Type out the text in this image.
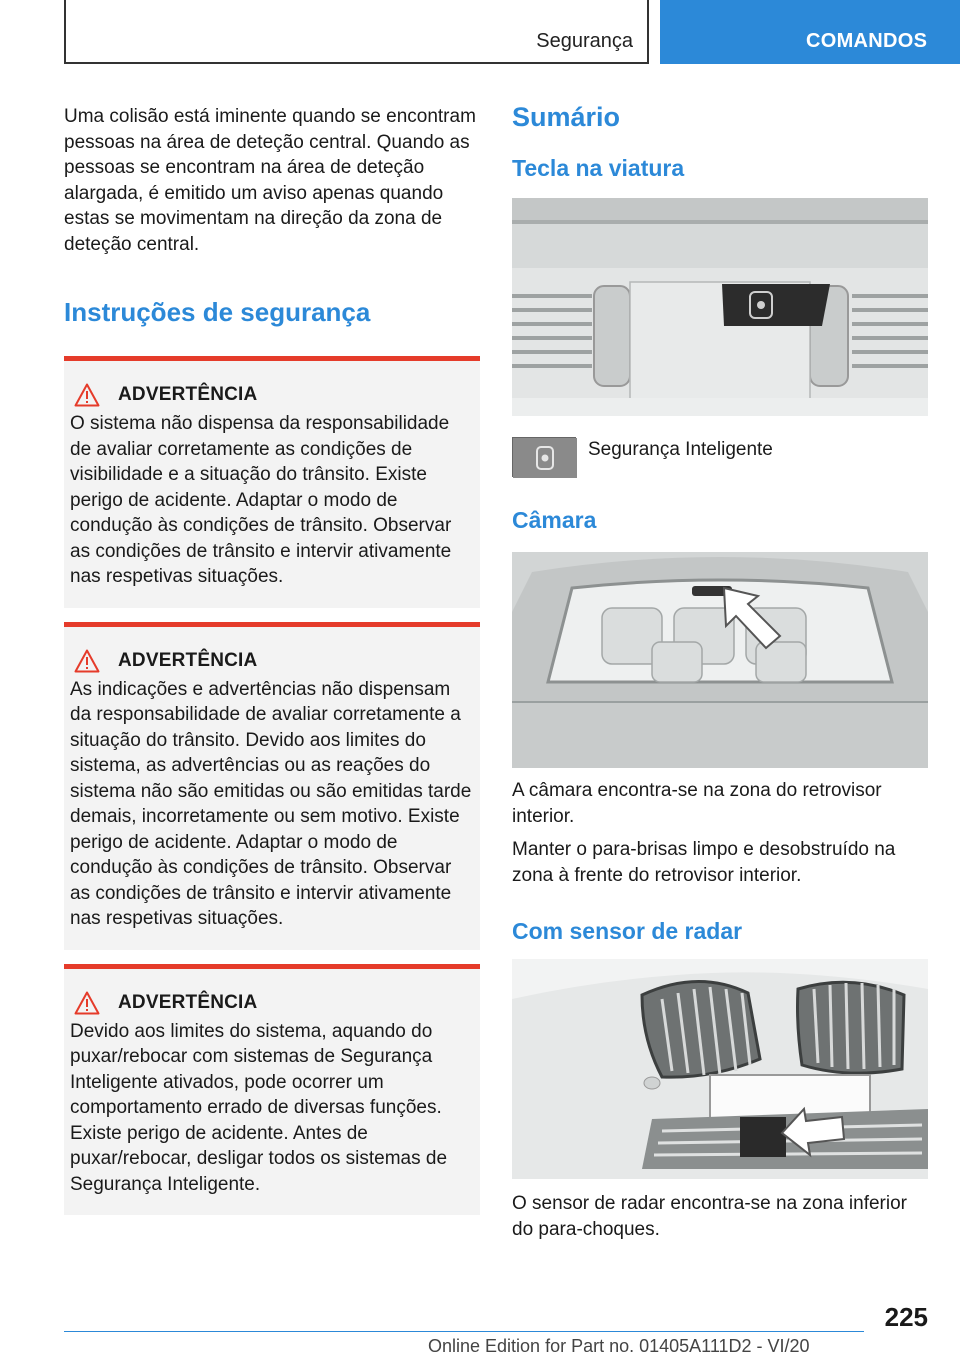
Segurança	COMANDOS
Uma colisão está iminente quando se encontram pessoas na área de deteção central. Quando as pessoas se encontram na área de deteção alargada, é emitido um aviso apenas quando estas se movimentam na direção da zona de deteção central.
Instruções de segurança
ADVERTÊNCIA
O sistema não dispensa da responsabilidade de avaliar corretamente as condições de visibilidade e a situação do trânsito. Existe perigo de acidente. Adaptar o modo de condução às condições de trânsito. Observar as condições de trânsito e intervir ativamente nas respetivas situações.
ADVERTÊNCIA
As indicações e advertências não dispensam da responsabilidade de avaliar corretamente a situação do trânsito. Devido aos limites do sistema, as advertências ou as reações do sistema não são emitidas ou são emitidas tarde demais, incorretamente ou sem motivo. Existe perigo de acidente. Adaptar o modo de condução às condições de trânsito. Observar as condições de trânsito e intervir ativamente nas respetivas situações.
ADVERTÊNCIA
Devido aos limites do sistema, aquando do puxar/rebocar com sistemas de Segurança Inteligente ativados, pode ocorrer um comportamento errado de diversas funções. Existe perigo de acidente. Antes de puxar/rebocar, desligar todos os sistemas de Segurança Inteligente.
Sumário
Tecla na viatura
Segurança Inteligente
Câmara

A câmara encontra-se na zona do retrovisor interior.

Manter o para-brisas limpo e desobstruído na zona à frente do retrovisor interior.

Com sensor de radar
O sensor de radar encontra-se na zona inferior do para-choques.
225
Online Edition for Part no. 01405A111D2 - VI/20
